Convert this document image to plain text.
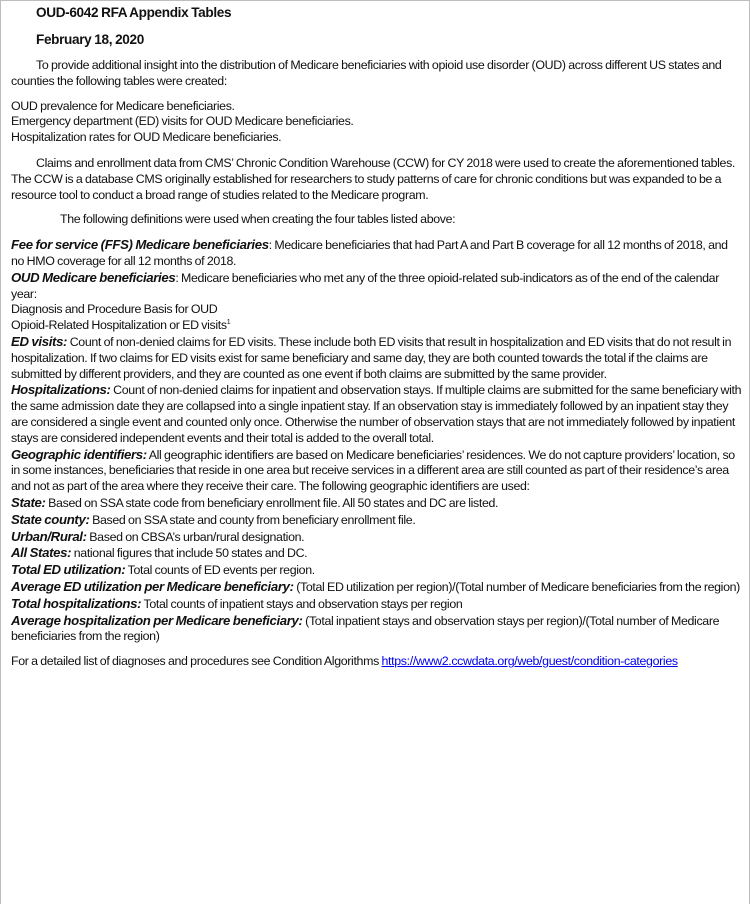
OUD-6042 RFA Appendix Tables
February 18, 2020

To provide additional insight into the distribution of Medicare beneficiaries with opioid use disorder (OUD) across different US states and counties the following tables were created:

OUD prevalence for Medicare beneficiaries.
Emergency department (ED) visits for OUD Medicare beneficiaries.
Hospitalization rates for OUD Medicare beneficiaries.

Claims and enrollment data from CMS’ Chronic Condition Warehouse (CCW) for CY 2018 were used to create the aforementioned tables. The CCW is a database CMS originally established for researchers to study patterns of care for chronic conditions but was expanded to be a resource tool to conduct a broad range of studies related to the Medicare program.

The following definitions were used when creating the four tables listed above:

Fee for service (FFS) Medicare beneficiaries: Medicare beneficiaries that had Part A and Part B coverage for all 12 months of 2018, and no HMO coverage for all 12 months of 2018.
OUD Medicare beneficiaries: Medicare beneficiaries who met any of the three opioid-related sub-indicators as of the end of the calendar year:
Diagnosis and Procedure Basis for OUD
Opioid-Related Hospitalization or ED visits$^1$
ED visits: Count of non-denied claims for ED visits. These include both ED visits that result in hospitalization and ED visits that do not result in hospitalization. If two claims for ED visits exist for same beneficiary and same day, they are both counted towards the total if the claims are submitted by different providers, and they are counted as one event if both claims are submitted by the same provider.
Hospitalizations: Count of non-denied claims for inpatient and observation stays. If multiple claims are submitted for the same beneficiary with the same admission date they are collapsed into a single inpatient stay. If an observation stay is immediately followed by an inpatient stay they are considered a single event and counted only once. Otherwise the number of observation stays that are not immediately followed by inpatient stays are considered independent events and their total is added to the overall total.
Geographic identifiers: All geographic identifiers are based on Medicare beneficiaries’ residences. We do not capture providers’ location, so in some instances, beneficiaries that reside in one area but receive services in a different area are still counted as part of their residence’s area and not as part of the area where they receive their care. The following geographic identifiers are used:
State: Based on SSA state code from beneficiary enrollment file. All 50 states and DC are listed.
State county: Based on SSA state and county from beneficiary enrollment file.
Urban/Rural: Based on CBSA’s urban/rural designation.
All States: national figures that include 50 states and DC.
Total ED utilization: Total counts of ED events per region.
Average ED utilization per Medicare beneficiary: (Total ED utilization per region)/(Total number of Medicare beneficiaries from the region)
Total hospitalizations: Total counts of inpatient stays and observation stays per region
Average hospitalization per Medicare beneficiary: (Total inpatient stays and observation stays per region)/(Total number of Medicare beneficiaries from the region)

For a detailed list of diagnoses and procedures see Condition Algorithms https://www2.ccwdata.org/web/guest/condition-categories
